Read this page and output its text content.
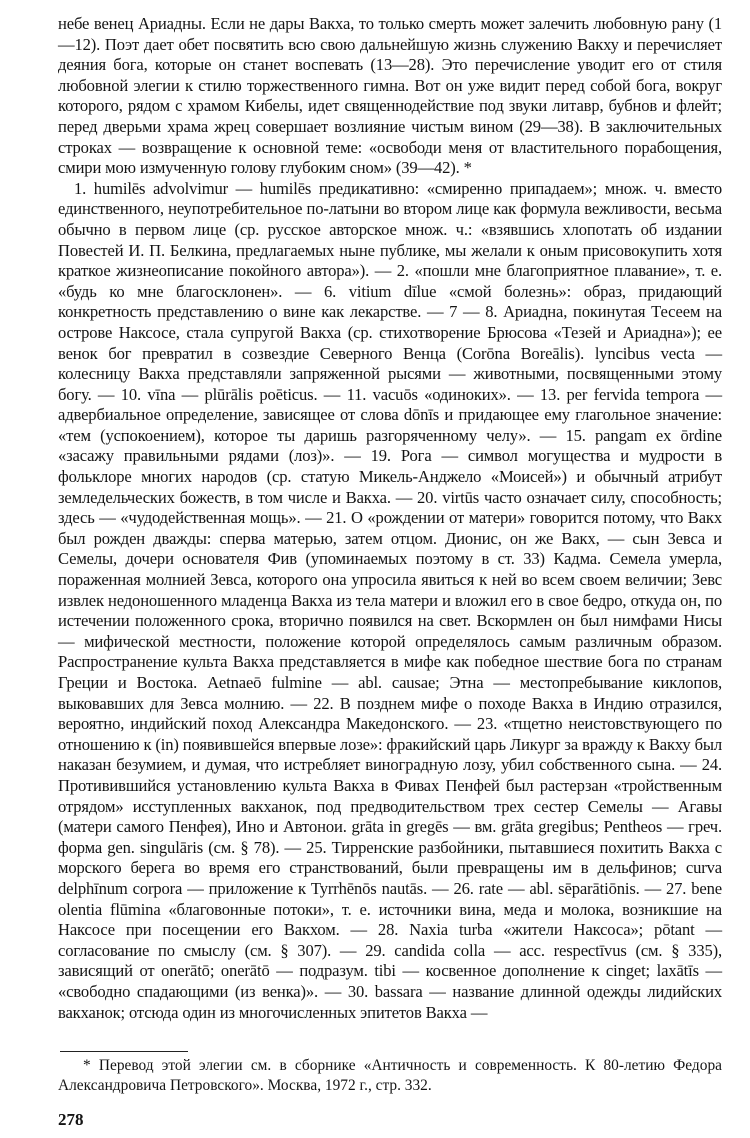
небе венец Ариадны. Если не дары Вакха, то только смерть может залечить любовную рану (1—12). Поэт дает обет посвятить всю свою дальнейшую жизнь служению Вакху и перечисляет деяния бога, которые он станет воспевать (13—28). Это перечисление уводит его от стиля любовной элегии к стилю торжественного гимна. Вот он уже видит перед собой бога, вокруг которого, рядом с храмом Кибелы, идет священнодействие под звуки литавр, бубнов и флейт; перед дверьми храма жрец совершает возлияние чистым вином (29—38). В заключительных строках — возвращение к основной теме: «освободи меня от властительного порабощения, смири мою измученную голову глубоким сном» (39—42). *

1. humilēs advolvimur — humilēs предикативно: «смиренно припадаем»; множ. ч. вместо единственного, неупотребительное по-латыни во втором лице как формула вежливости, весьма обычно в первом лице (ср. русское авторское множ. ч.: «взявшись хлопотать об издании Повестей И. П. Белкина, предлагаемых ныне публике, мы желали к оным присовокупить хотя краткое жизнеописание покойного автора»). — 2. «пошли мне благоприятное плавание», т. е. «будь ко мне благосклонен». — 6. vitium dīlue «смой болезнь»: образ, придающий конкретность представлению о вине как лекарстве. — 7 — 8. Ариадна, покинутая Тесеем на острове Наксосе, стала супругой Вакха (ср. стихотворение Брюсова «Тезей и Ариадна»); ее венок бог превратил в созвездие Северного Венца (Corōna Boreālis). lyncibus vecta — колесницу Вакха представляли запряженной рысями — животными, посвященными этому богу. — 10. vīna — plūrālis poēticus. — 11. vacuōs «одиноких». — 13. per fervida tempora — адвербиальное определение, зависящее от слова dōnīs и придающее ему глагольное значение: «тем (успокоением), которое ты даришь разгоряченному челу». — 15. pangam ex ōrdine «засажу правильными рядами (лоз)». — 19. Рога — символ могущества и мудрости в фольклоре многих народов (ср. статую Микель-Анджело «Моисей») и обычный атрибут земледельческих божеств, в том числе и Вакха. — 20. virtūs часто означает силу, способность; здесь — «чудодейственная мощь». — 21. О «рождении от матери» говорится потому, что Вакх был рожден дважды: сперва матерью, затем отцом. Дионис, он же Вакх, — сын Зевса и Семелы, дочери основателя Фив (упоминаемых поэтому в ст. 33) Кадма. Семела умерла, пораженная молнией Зевса, которого она упросила явиться к ней во всем своем величии; Зевс извлек недоношенного младенца Вакха из тела матери и вложил его в свое бедро, откуда он, по истечении положенного срока, вторично появился на свет. Вскормлен он был нимфами Нисы — мифической местности, положение которой определялось самым различным образом. Распространение культа Вакха представляется в мифе как победное шествие бога по странам Греции и Востока. Aetnaeō fulmine — abl. causae; Этна — местопребывание киклопов, выковавших для Зевса молнию. — 22. В позднем мифе о походе Вакха в Индию отразился, вероятно, индийский поход Александра Македонского. — 23. «тщетно неистовствующего по отношению к (in) появившейся впервые лозе»: фракийский царь Ликург за вражду к Вакху был наказан безумием, и думая, что истребляет виноградную лозу, убил собственного сына. — 24. Противившийся установлению культа Вакха в Фивах Пенфей был растерзан «тройственным отрядом» исступленных вакханок, под предводительством трех сестер Семелы — Агавы (матери самого Пенфея), Ино и Автонои. grāta in gregēs — вм. grāta gregibus; Pentheos — греч. форма gen. singulāris (см. § 78). — 25. Тирренские разбойники, пытавшиеся похитить Вакха с морского берега во время его странствований, были превращены им в дельфинов; curva delphīnum corpora — приложение к Tyrrhēnōs nautās. — 26. rate — abl. sēparātiōnis. — 27. bene olentia flūmina «благовонные потоки», т. е. источники вина, меда и молока, возникшие на Наксосе при посещении его Вакхом. — 28. Naxia turba «жители Наксоса»; pōtant — согласование по смыслу (см. § 307). — 29. candida colla — acc. respectīvus (см. § 335), зависящий от onerātō; onerātō — подразум. tibi — косвенное дополнение к cinget; laxātīs — «свободно спадающими (из венка)». — 30. bassara — название длинной одежды лидийских вакханок; отсюда один из многочисленных эпитетов Вакха —

* Перевод этой элегии см. в сборнике «Античность и современность. К 80-летию Федора Александровича Петровского». Москва, 1972 г., стр. 332.

278
